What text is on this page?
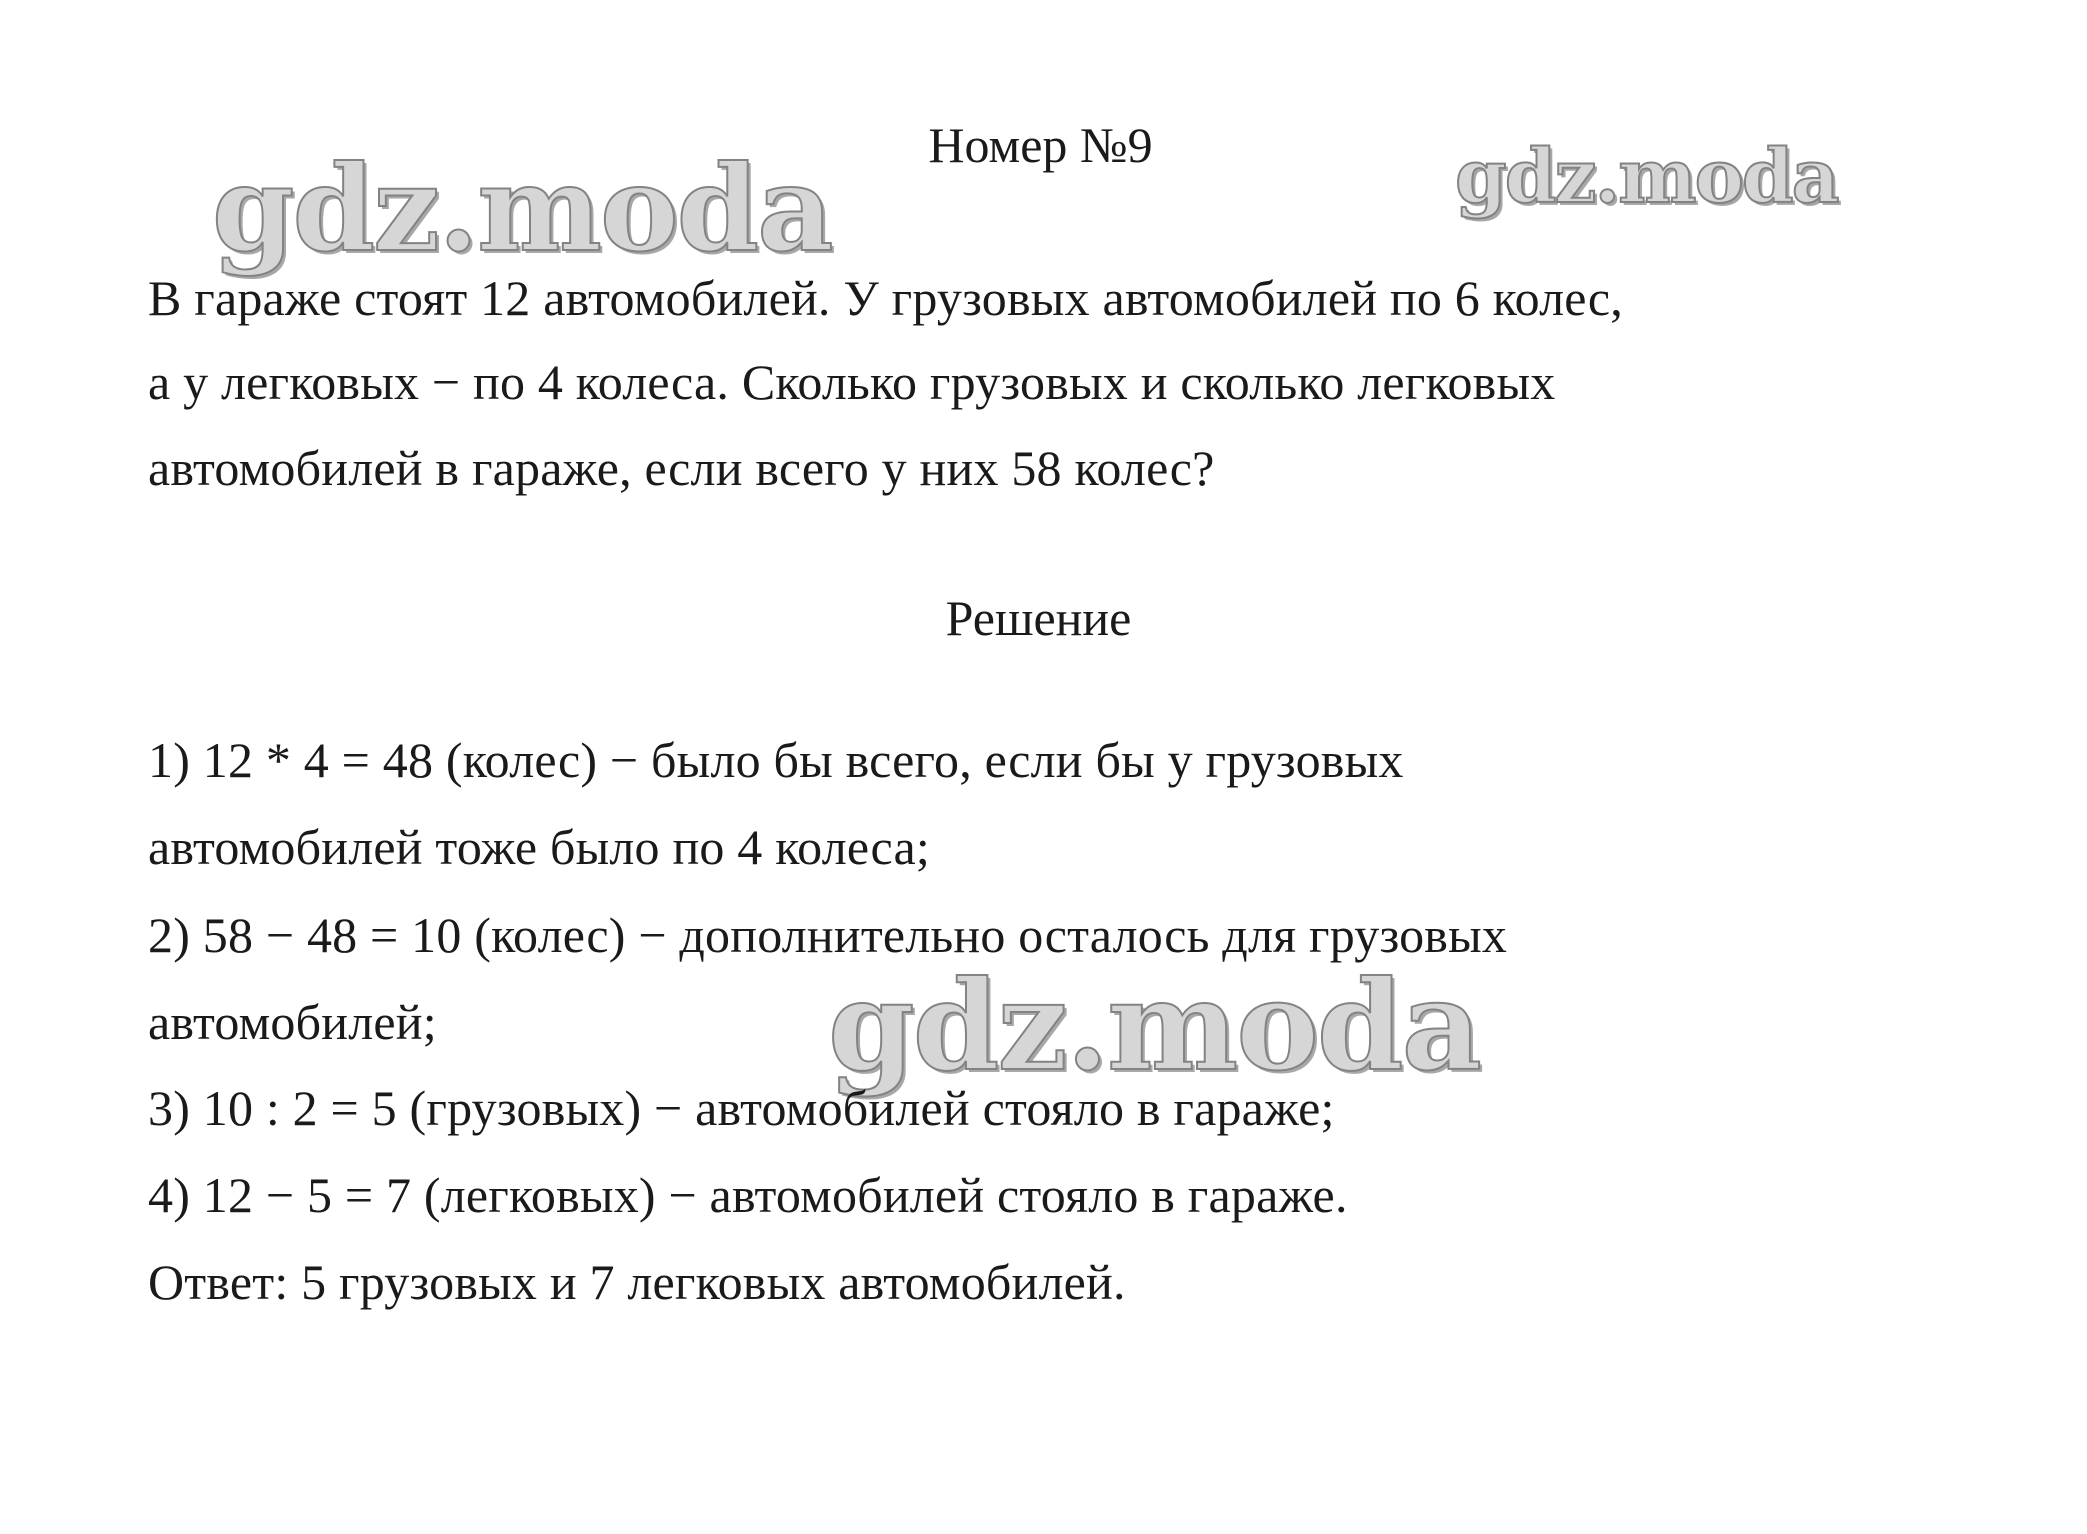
gdz.moda	gdz.moda
gdz.moda
Номер №9
В гараже стоят 12 автомобилей. У грузовых автомобилей по 6 колес,
а у легковых − по 4 колеса. Сколько грузовых и сколько легковых
автомобилей в гараже, если всего у них 58 колес?
Решение
1) 12 * 4 = 48 (колес) − было бы всего, если бы у грузовых
автомобилей тоже было по 4 колеса;
2) 58 − 48 = 10 (колес) − дополнительно осталось для грузовых
автомобилей;
3) 10 : 2 = 5 (грузовых) − автомобилей стояло в гараже;
4) 12 − 5 = 7 (легковых) − автомобилей стояло в гараже.
Ответ: 5 грузовых и 7 легковых автомобилей.
